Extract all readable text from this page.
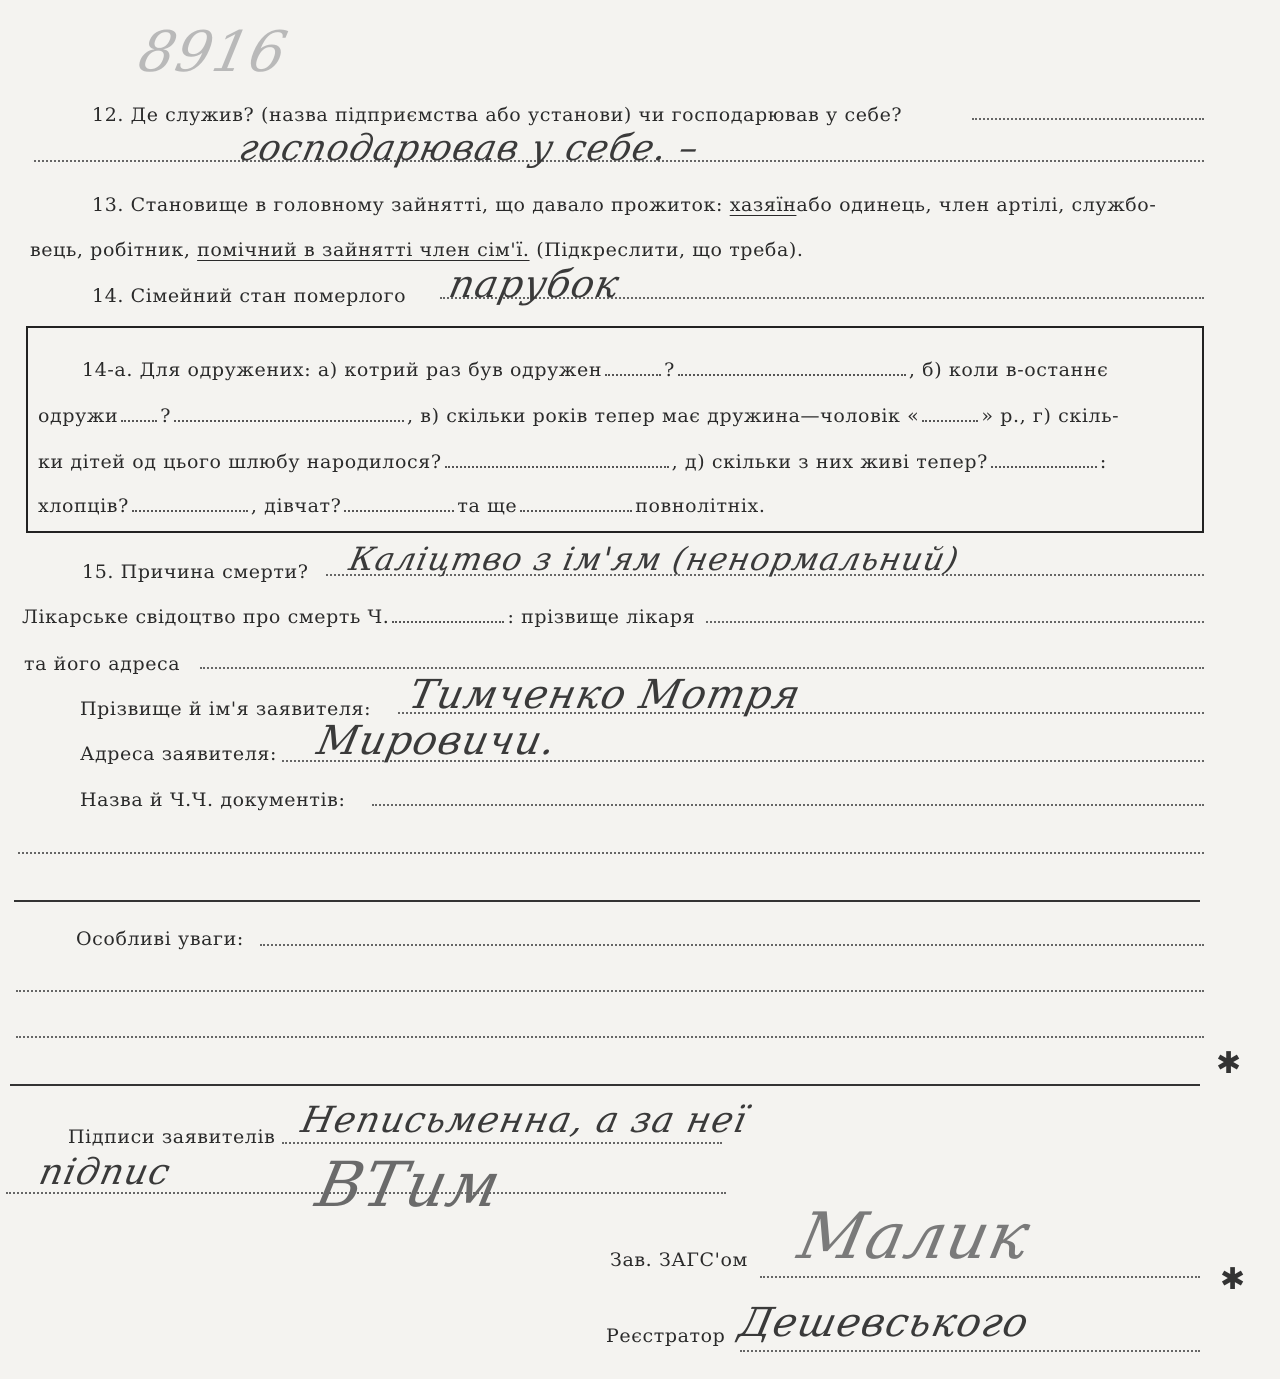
8916
12. Де служив? (назва підприємства або установи) чи господарював у себе?
господарював у себе. –
13. Становище в головному зайнятті, що давало прожиток: хазяїнабо одинець, член артілі, службо-
вець, робітник, помічний в зайнятті член сім'ї. (Підкреслити, що треба).
14. Сімейний стан померлого парубок
14-а. Для одружених: а) котрий раз був одружен	?	, б) коли в-останнє
одружи ?	, в) скільки років тепер має дружина—чоловік «	» р., г) скіль-
ки дітей од цього шлюбу народилося?	, д) скільки з них живі тепер?	:
хлопців?	, дівчат?	та ще	повнолітніх.
15. Причина смерти? Каліцтво з ім'ям (ненормальний)
Лікарське свідоцтво про смерть Ч.	: прізвище лікаря
та його адреса
Прізвище й ім'я заявителя: Тимченко Мотря
Адреса заявителя: Мировичи.
Назва й Ч.Ч. документів:
Особливі уваги:
Підписи заявителів Неписьменна, а за неї
підпис ВТим
Зав. ЗАГС'ом Малик
Реєстратор Дешевського
✱
✱
